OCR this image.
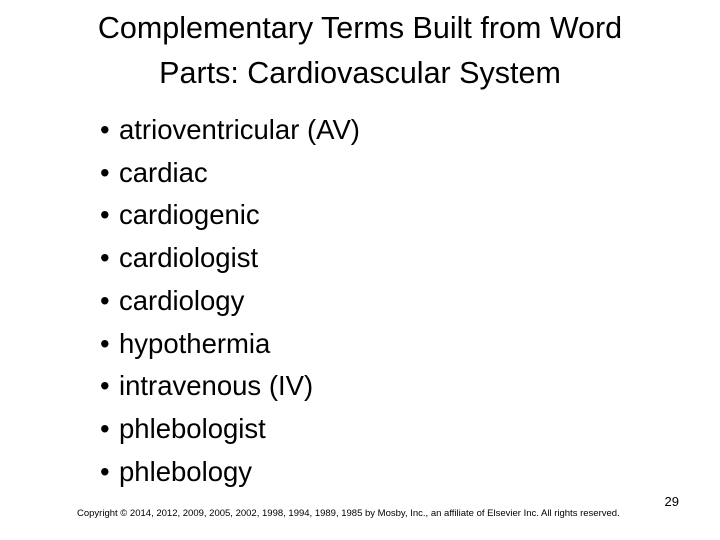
Complementary Terms Built from Word
Parts: Cardiovascular System
• atrioventricular (AV)
• cardiac
• cardiogenic
• cardiologist
• cardiology
• hypothermia
• intravenous (IV)
• phlebologist
• phlebology
Copyright © 2014, 2012, 2009, 2005, 2002, 1998, 1994, 1989, 1985 by Mosby, Inc., an affiliate of Elsevier Inc. All rights reserved.
29
